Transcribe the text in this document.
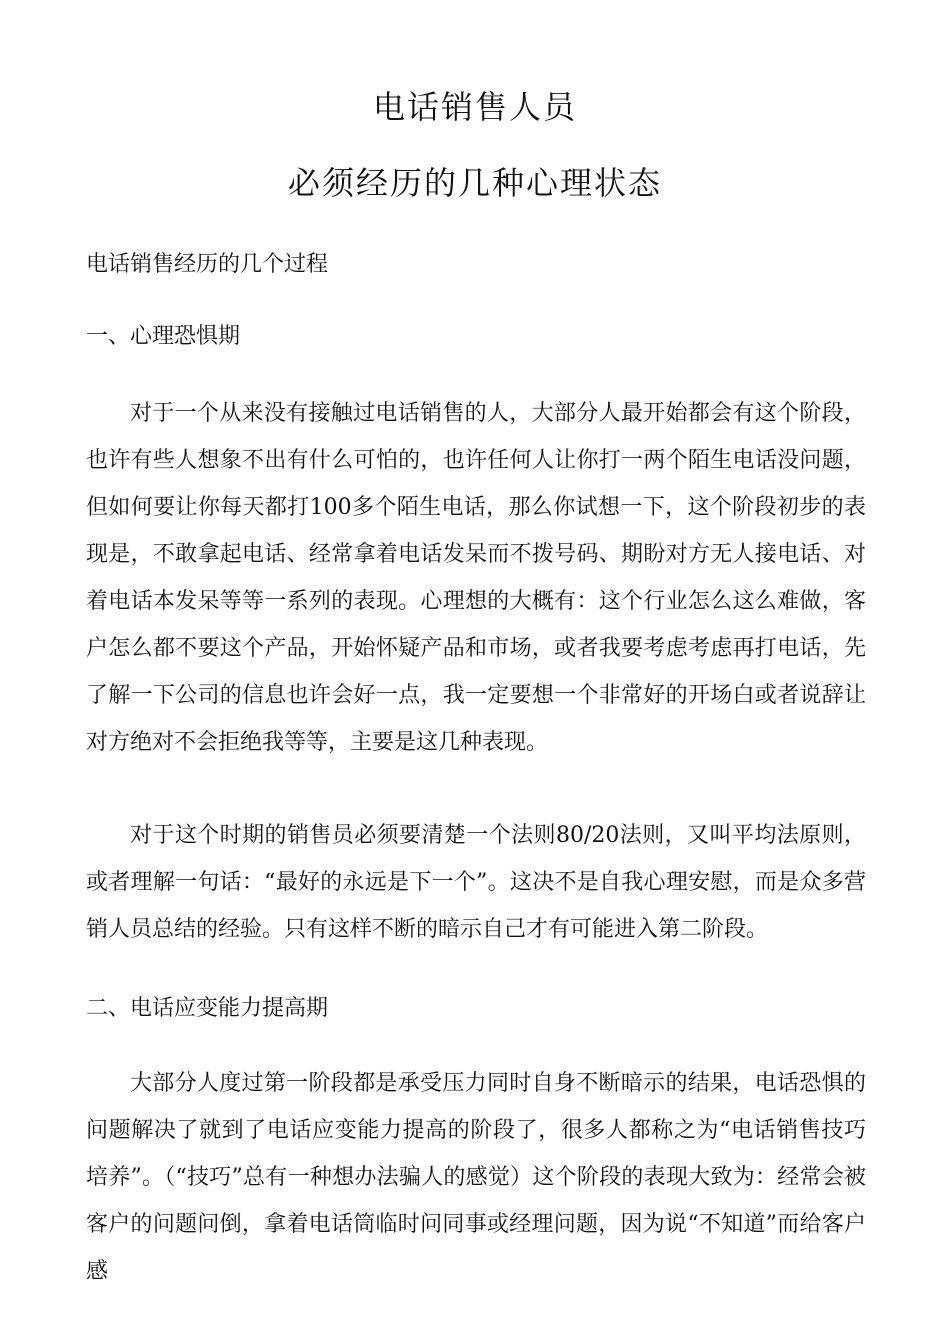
电话销售人员
必须经历的几种心理状态

电话销售经历的几个过程

一、心理恐惧期

对于一个从来没有接触过电话销售的人，大部分人最开始都会有这个阶段，也许有些人想象不出有什么可怕的，也许任何人让你打一两个陌生电话没问题，但如何要让你每天都打100多个陌生电话，那么你试想一下，这个阶段初步的表现是，不敢拿起电话、经常拿着电话发呆而不拨号码、期盼对方无人接电话、对着电话本发呆等等一系列的表现。心理想的大概有：这个行业怎么这么难做，客户怎么都不要这个产品，开始怀疑产品和市场，或者我要考虑考虑再打电话，先了解一下公司的信息也许会好一点，我一定要想一个非常好的开场白或者说辞让对方绝对不会拒绝我等等，主要是这几种表现。

对于这个时期的销售员必须要清楚一个法则80/20法则，又叫平均法原则，或者理解一句话：“最好的永远是下一个”。这决不是自我心理安慰，而是众多营销人员总结的经验。只有这样不断的暗示自己才有可能进入第二阶段。

二、电话应变能力提高期

大部分人度过第一阶段都是承受压力同时自身不断暗示的结果，电话恐惧的问题解决了就到了电话应变能力提高的阶段了，很多人都称之为“电话销售技巧培养”。（“技巧”总有一种想办法骗人的感觉）这个阶段的表现大致为：经常会被客户的问题问倒，拿着电话筒临时问同事或经理问题，因为说“不知道”而给客户感
